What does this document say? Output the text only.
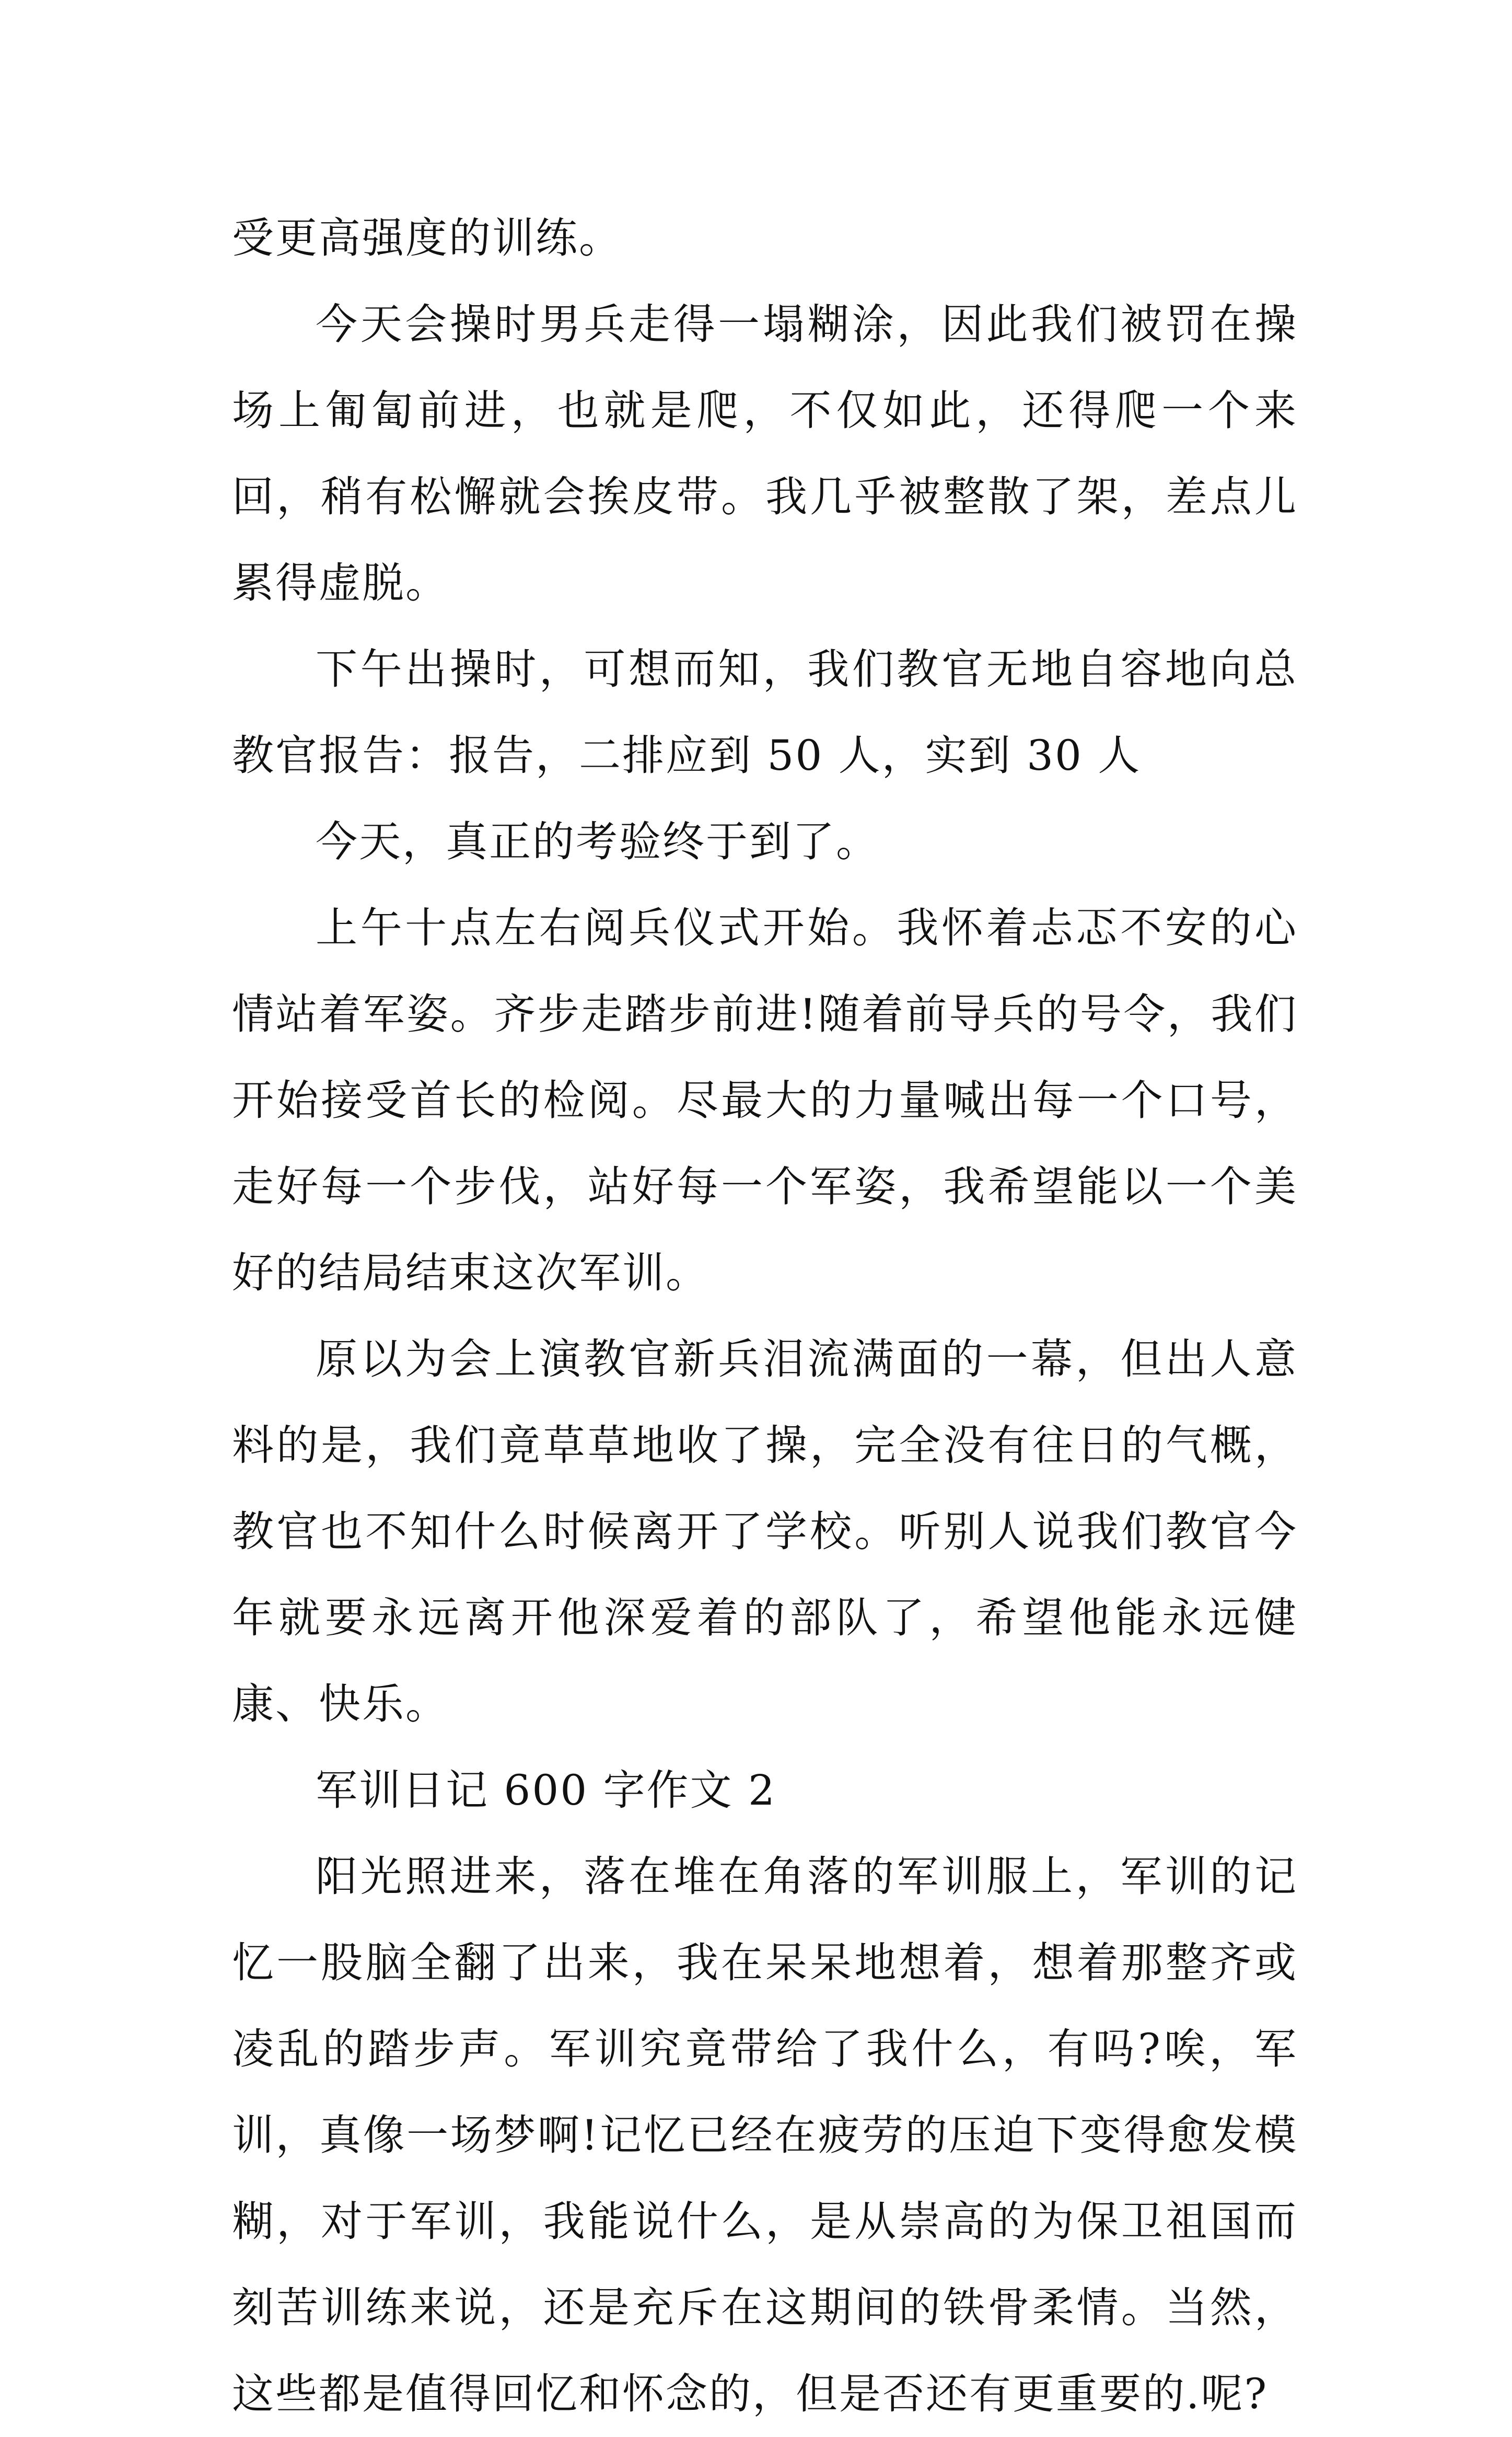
受更高强度的训练。

今天会操时男兵走得一塌糊涂，因此我们被罚在操场上匍匐前进，也就是爬，不仅如此，还得爬一个来回，稍有松懈就会挨皮带。我几乎被整散了架，差点儿累得虚脱。

下午出操时，可想而知，我们教官无地自容地向总教官报告：报告，二排应到 50 人，实到 30 人

今天，真正的考验终于到了。

上午十点左右阅兵仪式开始。我怀着忐忑不安的心情站着军姿。齐步走踏步前进!随着前导兵的号令，我们开始接受首长的检阅。尽最大的力量喊出每一个口号，走好每一个步伐，站好每一个军姿，我希望能以一个美好的结局结束这次军训。

原以为会上演教官新兵泪流满面的一幕，但出人意料的是，我们竟草草地收了操，完全没有往日的气概，教官也不知什么时候离开了学校。听别人说我们教官今年就要永远离开他深爱着的部队了，希望他能永远健康、快乐。

军训日记 600 字作文 2

阳光照进来，落在堆在角落的军训服上，军训的记忆一股脑全翻了出来，我在呆呆地想着，想着那整齐或凌乱的踏步声。军训究竟带给了我什么，有吗?唉，军训，真像一场梦啊!记忆已经在疲劳的压迫下变得愈发模糊，对于军训，我能说什么，是从崇高的为保卫祖国而刻苦训练来说，还是充斥在这期间的铁骨柔情。当然，这些都是值得回忆和怀念的，但是否还有更重要的.呢?
